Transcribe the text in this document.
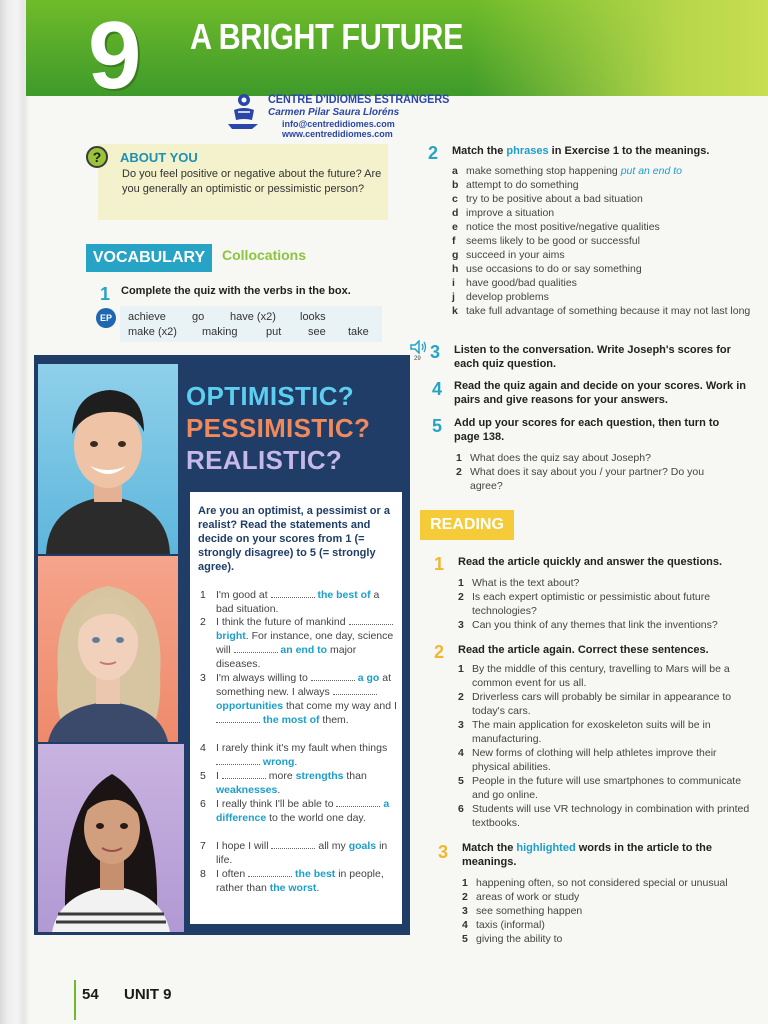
9 A BRIGHT FUTURE
CENTRE D'IDIOMES ESTRANGERS
Carmen Pilar Saura Lloréns
info@centredidiomes.com
www.centredidiomes.com
?	ABOUT YOU
Do you feel positive or negative about the future? Are you generally an optimistic or pessimistic person?
VOCABULARY	Collocations
1 Complete the quiz with the verbs in the box.
EP	achieve go have (x2) looks
make (x2) making	put see take
OPTIMISTIC?
PESSIMISTIC?
REALISTIC?
Are you an optimist, a pessimist or a realist? Read the statements and decide on your scores from 1 (= strongly disagree) to 5 (= strongly agree).
1 I'm good at	the best of a bad situation.
2 I think the future of mankind  bright. For instance, one day, science will	an end to major diseases.
3 I'm always willing to	a go at something new. I always  opportunities that come my way and I  the most of them.
4 I rarely think it's my fault when things  wrong.
5 I	more strengths than weaknesses.
6 I really think I'll be able to	a difference to the world one day.
7 I hope I will	all my goals in life.
8 I often	the best in people, rather than the worst.
2 Match the phrases in Exercise 1 to the meanings.
a make something stop happening put an end to
b attempt to do something
c try to be positive about a bad situation
d improve a situation
e notice the most positive/negative qualities
f seems likely to be good or successful
g succeed in your aims
h use occasions to do or say something
i have good/bad qualities
j develop problems
k take full advantage of something because it may not last long
29 3 Listen to the conversation. Write Joseph's scores for each quiz question.
4 Read the quiz again and decide on your scores. Work in pairs and give reasons for your answers.
5 Add up your scores for each question, then turn to page 138.
1 What does the quiz say about Joseph?
2 What does it say about you / your partner? Do you agree?
READING
1 Read the article quickly and answer the questions.
1 What is the text about?
2 Is each expert optimistic or pessimistic about future technologies?
3 Can you think of any themes that link the inventions?
2 Read the article again. Correct these sentences.
1 By the middle of this century, travelling to Mars will be a common event for us all.
2 Driverless cars will probably be similar in appearance to today's cars.
3 The main application for exoskeleton suits will be in manufacturing.
4 New forms of clothing will help athletes improve their physical abilities.
5 People in the future will use smartphones to communicate and go online.
6 Students will use VR technology in combination with printed textbooks.
3 Match the highlighted words in the article to the meanings.
1 happening often, so not considered special or unusual
2 areas of work or study
3 see something happen
4 taxis (informal)
5 giving the ability to
54 UNIT 9
